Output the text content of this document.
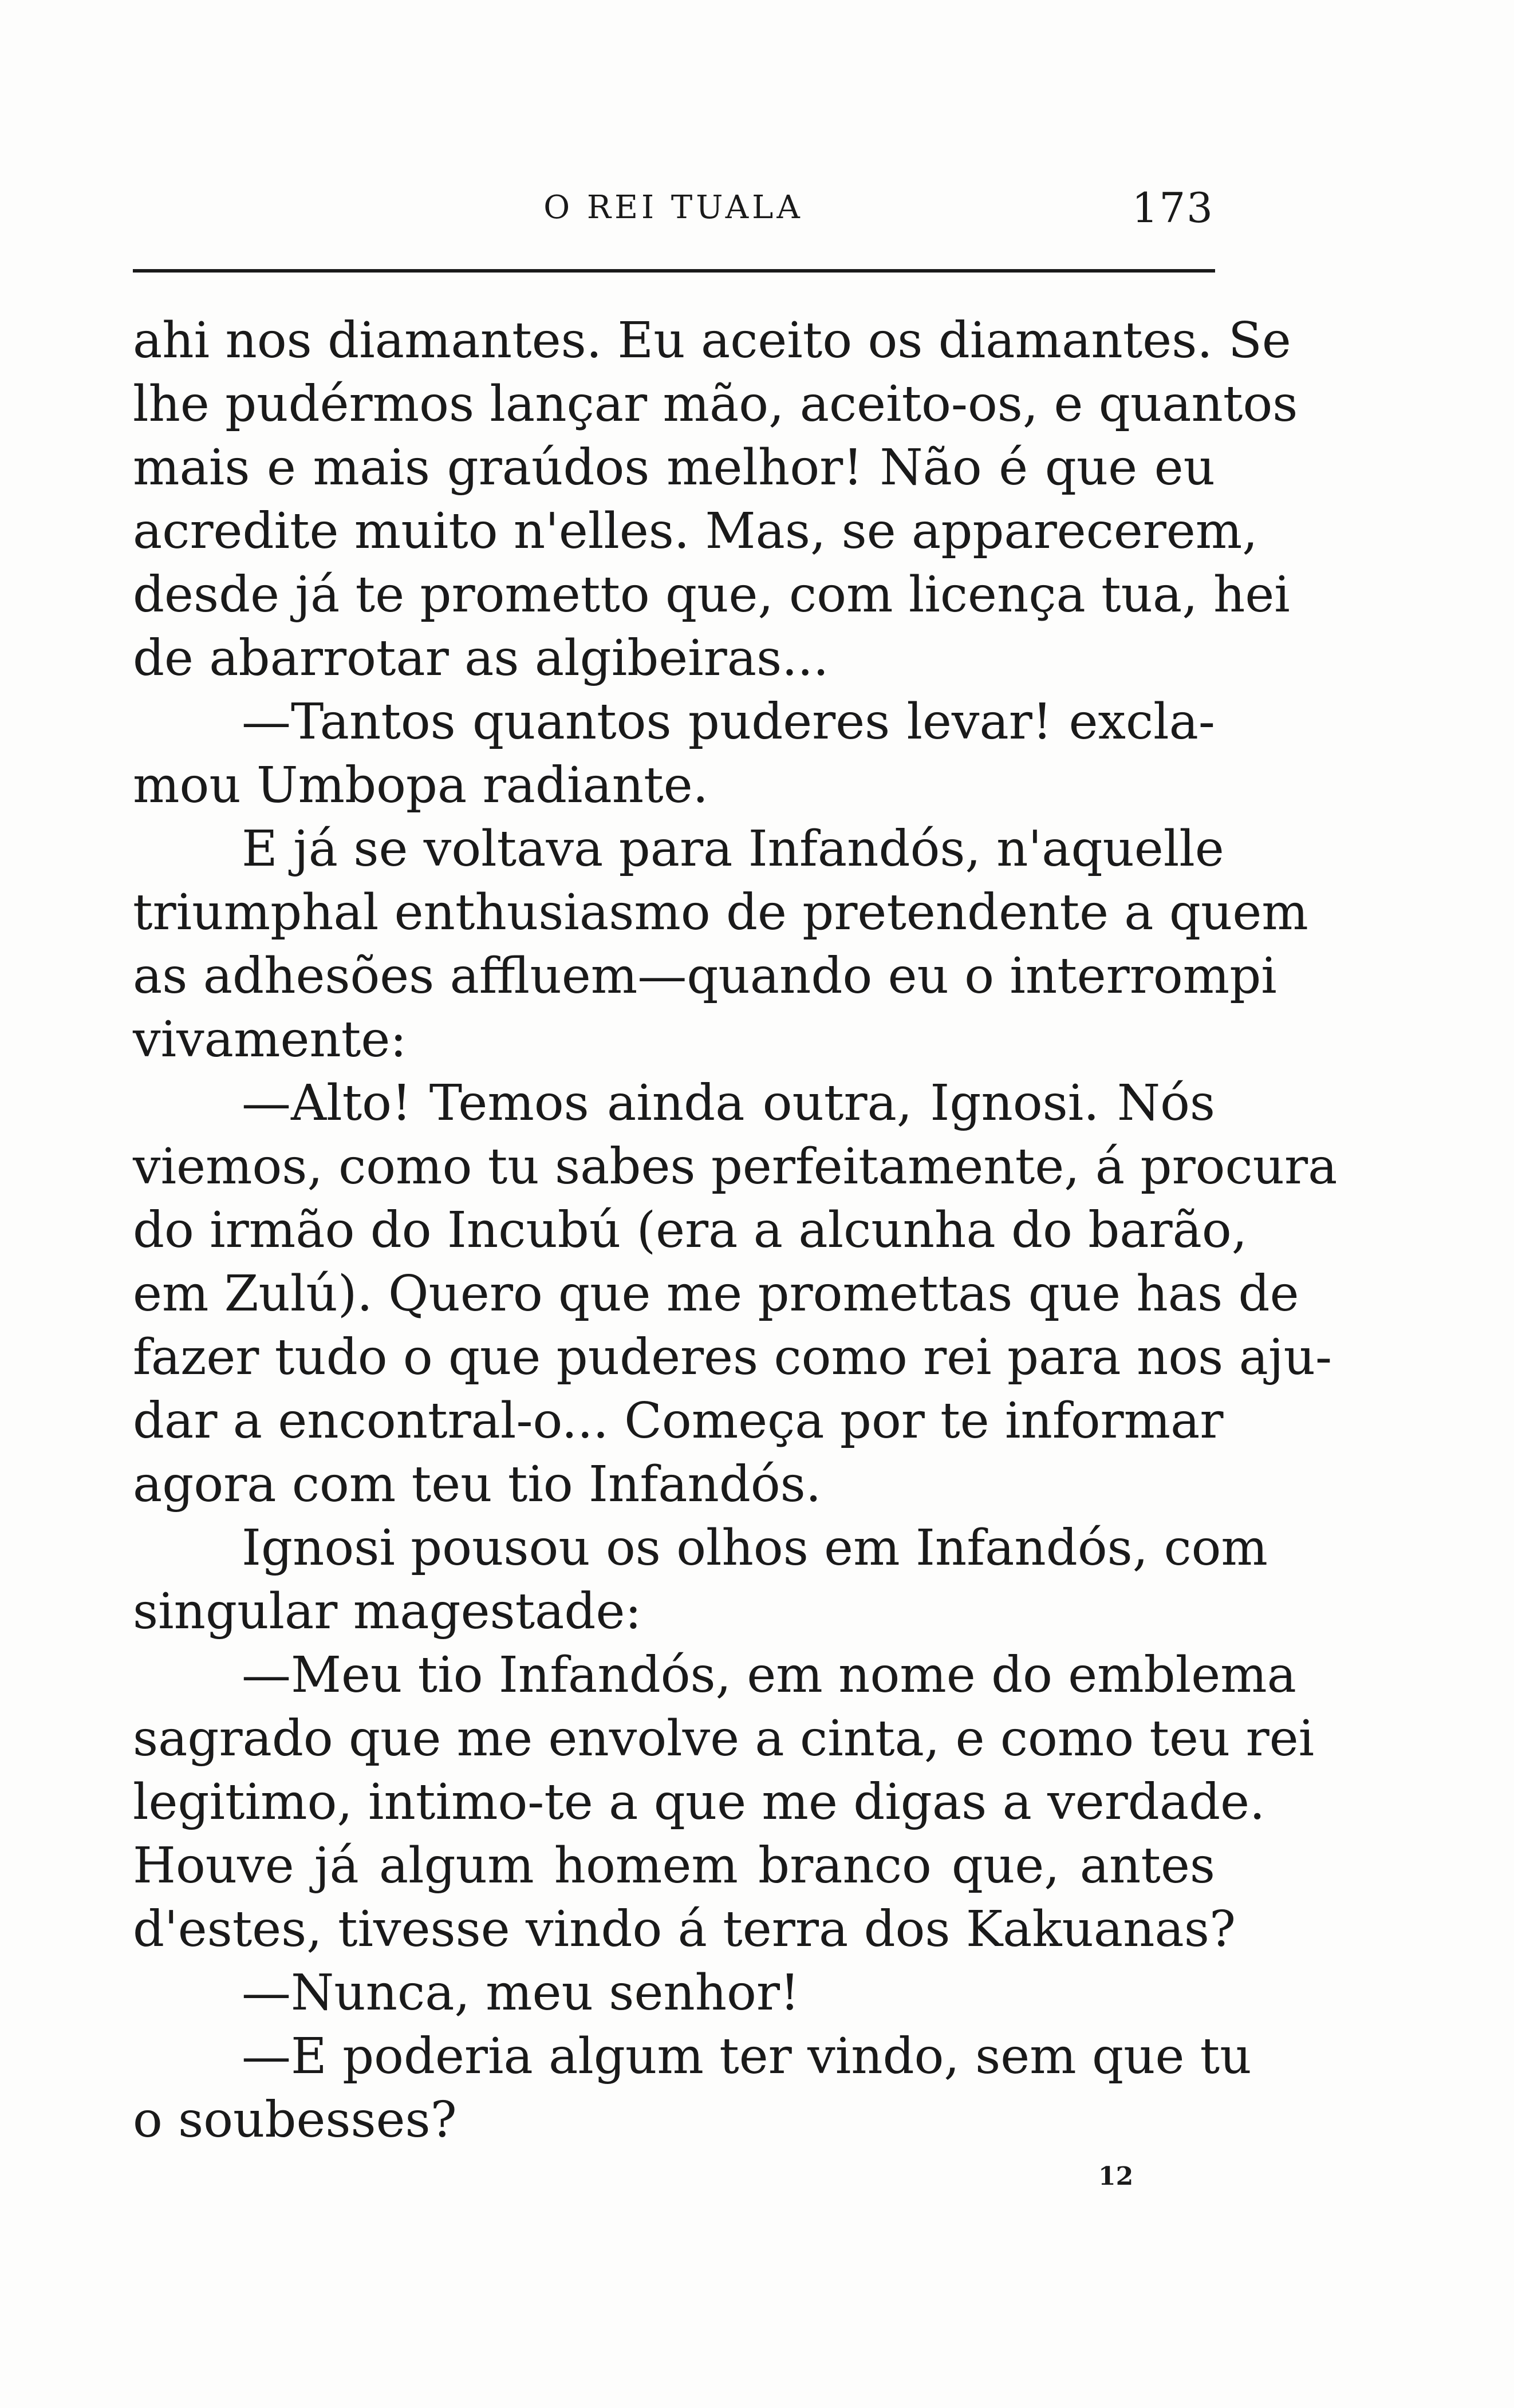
O REI TUALA	173
ahi nos diamantes. Eu aceito os diamantes. Se
lhe pudérmos lançar mão, aceito-os, e quantos
mais e mais graúdos melhor! Não é que eu
acredite muito n'elles. Mas, se apparecerem,
desde já te prometto que, com licença tua, hei
de abarrotar as algibeiras...
—Tantos quantos puderes levar! excla-
mou Umbopa radiante.
E já se voltava para Infandós, n'aquelle
triumphal enthusiasmo de pretendente a quem
as adhesões affluem—quando eu o interrompi
vivamente:
—Alto! Temos ainda outra, Ignosi. Nós
viemos, como tu sabes perfeitamente, á procura
do irmão do Incubú (era a alcunha do barão,
em Zulú). Quero que me promettas que has de
fazer tudo o que puderes como rei para nos aju-
dar a encontral-o... Começa por te informar
agora com teu tio Infandós.
Ignosi pousou os olhos em Infandós, com
singular magestade:
—Meu tio Infandós, em nome do emblema
sagrado que me envolve a cinta, e como teu rei
legitimo, intimo-te a que me digas a verdade.
Houve já algum homem branco que, antes
d'estes, tivesse vindo á terra dos Kakuanas?
—Nunca, meu senhor!
—E poderia algum ter vindo, sem que tu
o soubesses?
12
